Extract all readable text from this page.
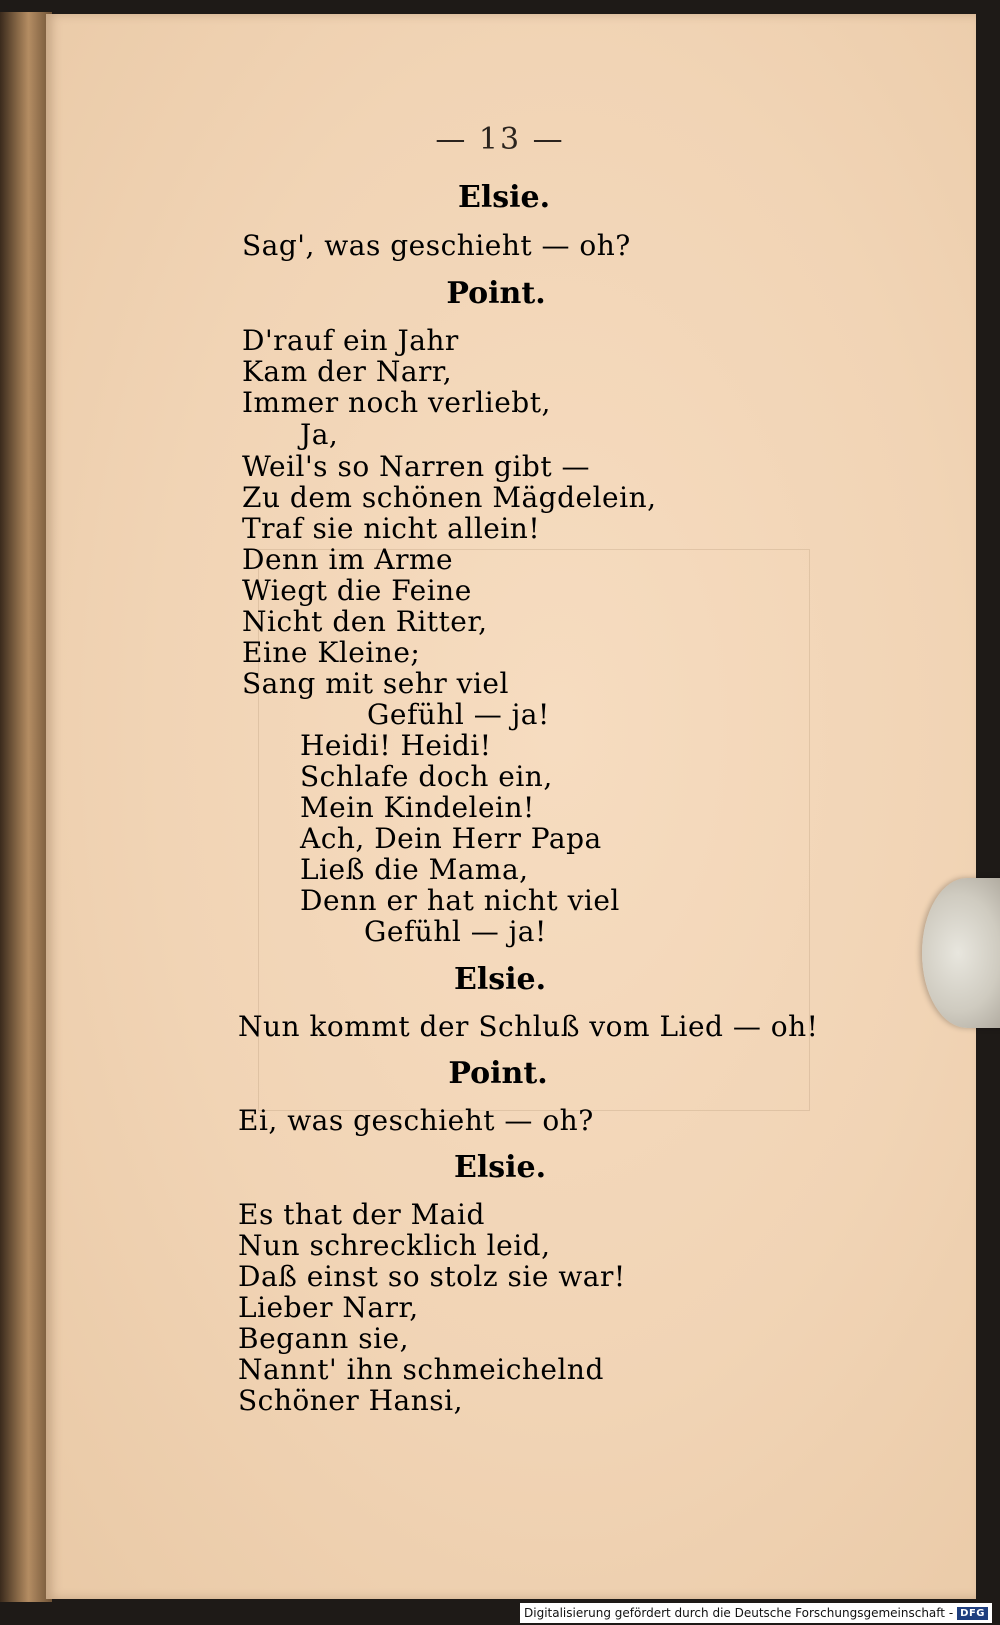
— 13 —
Elsie.
Sag', was geschieht — oh?
Point.
D'rauf ein Jahr
Kam der Narr,
Immer noch verliebt,
Ja,
Weil's so Narren gibt —
Zu dem schönen Mägdelein,
Traf sie nicht allein!
Denn im Arme
Wiegt die Feine
Nicht den Ritter,
Eine Kleine;
Sang mit sehr viel
Gefühl — ja!
Heidi! Heidi!
Schlafe doch ein,
Mein Kindelein!
Ach, Dein Herr Papa
Ließ die Mama,
Denn er hat nicht viel
Gefühl — ja!
Elsie.
Nun kommt der Schluß vom Lied — oh!
Point.
Ei, was geschieht — oh?
Elsie.
Es that der Maid
Nun schrecklich leid,
Daß einst so stolz sie war!
Lieber Narr,
Begann sie,
Nannt' ihn schmeichelnd
Schöner Hansi,
Digitalisierung gefördert durch die Deutsche Forschungsgemeinschaft - DFG
